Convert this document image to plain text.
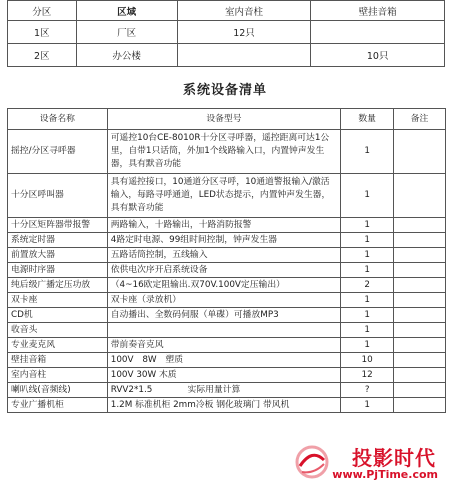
分区	区域	室内音柱	壁挂音箱
1区	厂区	12只	
2区	办公楼		10只
系统设备清单
设备名称	设备型号	数量	备注
摇控/分区寻呼器	可遥控10台CE-8010R十分区寻呼器，遥控距离可达1公里，自带1只话筒，外加1个线路输入口，内置钟声发生器，具有默音功能	1	
十分区呼叫器	具有遥控接口，10通道分区寻呼，10通道警报输入/激活输入，每路寻呼通道，LED状态提示，内置钟声发生器，具有默音功能	1	
十分区矩阵器带报警	两路输入，十路输出，十路消防报警	1	
系统定时器	4路定时电源、99组时间控制，钟声发生器	1	
前置放大器	五路话筒控制，五线输入	1	
电源时序器	依供电次序开启系统设备	1	
纯后级广播定压功放	（4~16欧定阻输出.双70V.100V定压输出）	2	
双卡座	双卡座（录放机）	1	
CD机	自动播出、全数码伺服（单碟）可播放MP3	1	
收音头		1	
专业麦克风	带前奏音克风	1	
壁挂音箱	100V　8W　塑质	10	
室内音柱	100V 30W 木质	12	
喇叭线(音频线)	RVV2*1.5　　　　实际用量计算	?	
专业广播机柜	1.2M 标准机柜 2mm冷板 钢化玻璃门 带风机	1	
投影时代
www.PjTime.com
